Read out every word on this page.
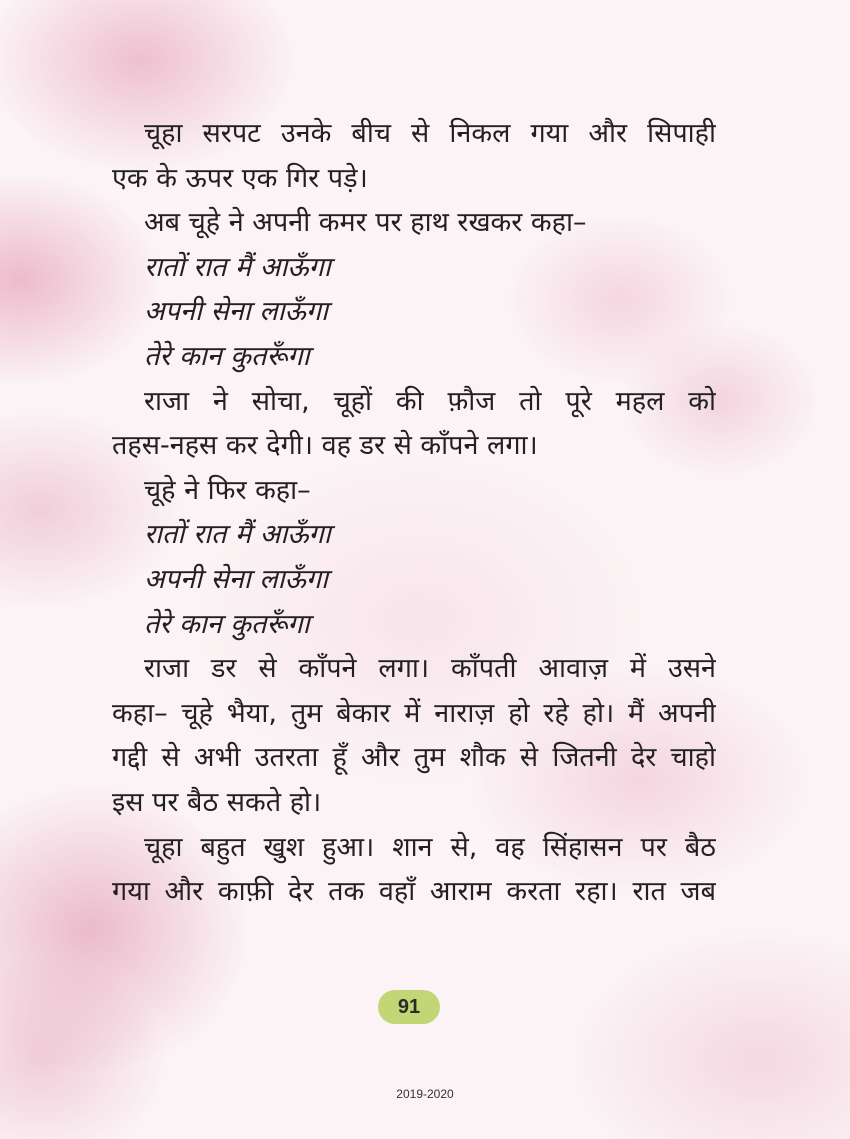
चूहा सरपट उनके बीच से निकल गया और सिपाही
एक के ऊपर एक गिर पड़े।
अब चूहे ने अपनी कमर पर हाथ रखकर कहा–
रातों रात मैं आऊँगा
अपनी सेना लाऊँगा
तेरे कान कुतरूँगा
राजा ने सोचा, चूहों की फ़ौज तो पूरे महल को
तहस-नहस कर देगी। वह डर से काँपने लगा।
चूहे ने फिर कहा–
रातों रात मैं आऊँगा
अपनी सेना लाऊँगा
तेरे कान कुतरूँगा
राजा डर से काँपने लगा। काँपती आवाज़ में उसने
कहा– चूहे भैया, तुम बेकार में नाराज़ हो रहे हो। मैं अपनी
गद्दी से अभी उतरता हूँ और तुम शौक से जितनी देर चाहो
इस पर बैठ सकते हो।
चूहा बहुत खुश हुआ। शान से, वह सिंहासन पर बैठ
गया और काफ़ी देर तक वहाँ आराम करता रहा। रात जब
91
2019-2020
